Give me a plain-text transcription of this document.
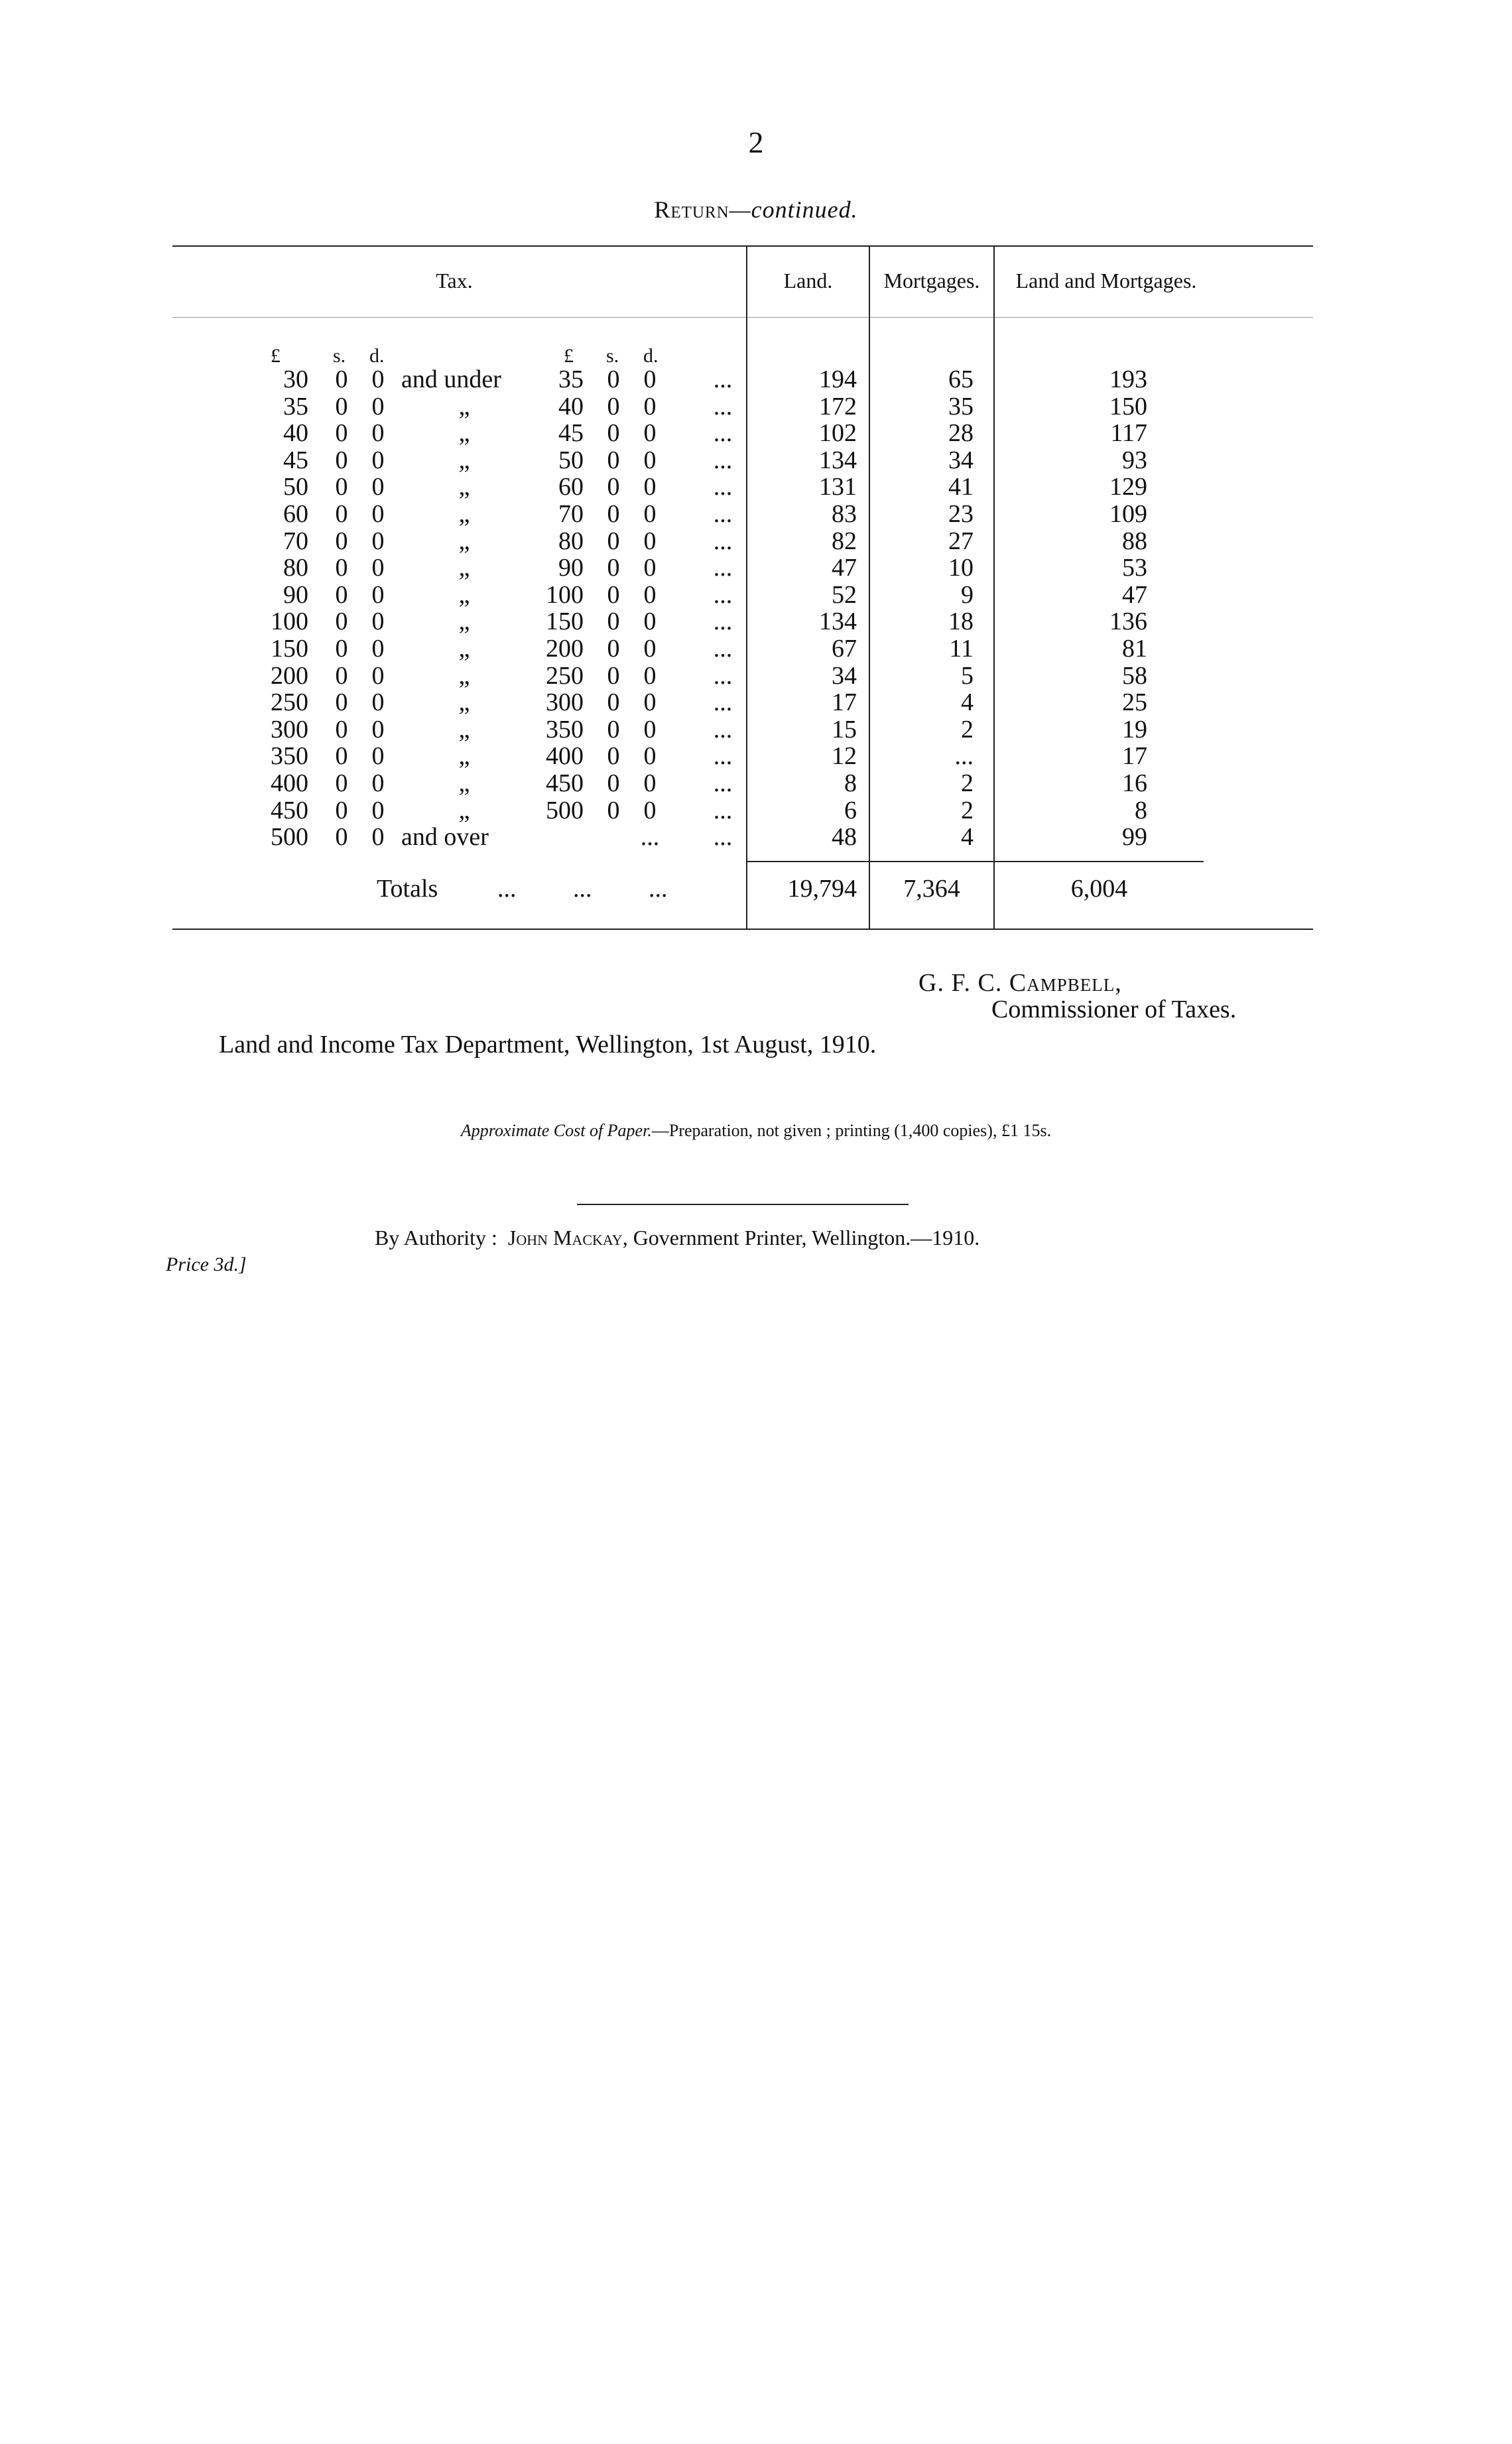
2
Return—continued.
Tax.	Land.	Mortgages.	Land and Mortgages.
£	s. d.	£ s. d.
30 0 0 and under	35 0 0	...	194	65	193
35 0 0	„	40 0 0	...	172	35	150
40 0 0	„	45 0 0	...	102	28	117
45 0 0	„	50 0 0	...	134	34	93
50 0 0	„	60 0 0	...	131	41	129
60 0 0	„	70 0 0	...	83	23	109
70 0 0	„	80 0 0	...	82	27	88
80 0 0	„	90 0 0	...	47	10	53
90 0 0	„	100 0 0	...	52	9	47
100 0 0	„	150 0 0	...	134	18	136
150 0 0	„	200 0 0	...	67	11	81
200 0 0	„	250 0 0	...	34	5	58
250 0 0	„	300 0 0	...	17	4	25
300 0 0	„	350 0 0	...	15	2	19
350 0 0	„	400 0 0	...	12	...	17
400 0 0	„	450 0 0	...	8	2	16
450 0 0	„	500 0 0	...	6	2	8
500 0 0 and over	...	...	48	4	99
Totals ...         ...         ...	19,794	7,364	6,004
G. F. C. Campbell,
Commissioner of Taxes.
Land and Income Tax Department, Wellington, 1st August, 1910.
Approximate Cost of Paper.—Preparation, not given ; printing (1,400 copies), £1 15s.
By Authority :  John Mackay, Government Printer, Wellington.—1910.
Price 3d.]
